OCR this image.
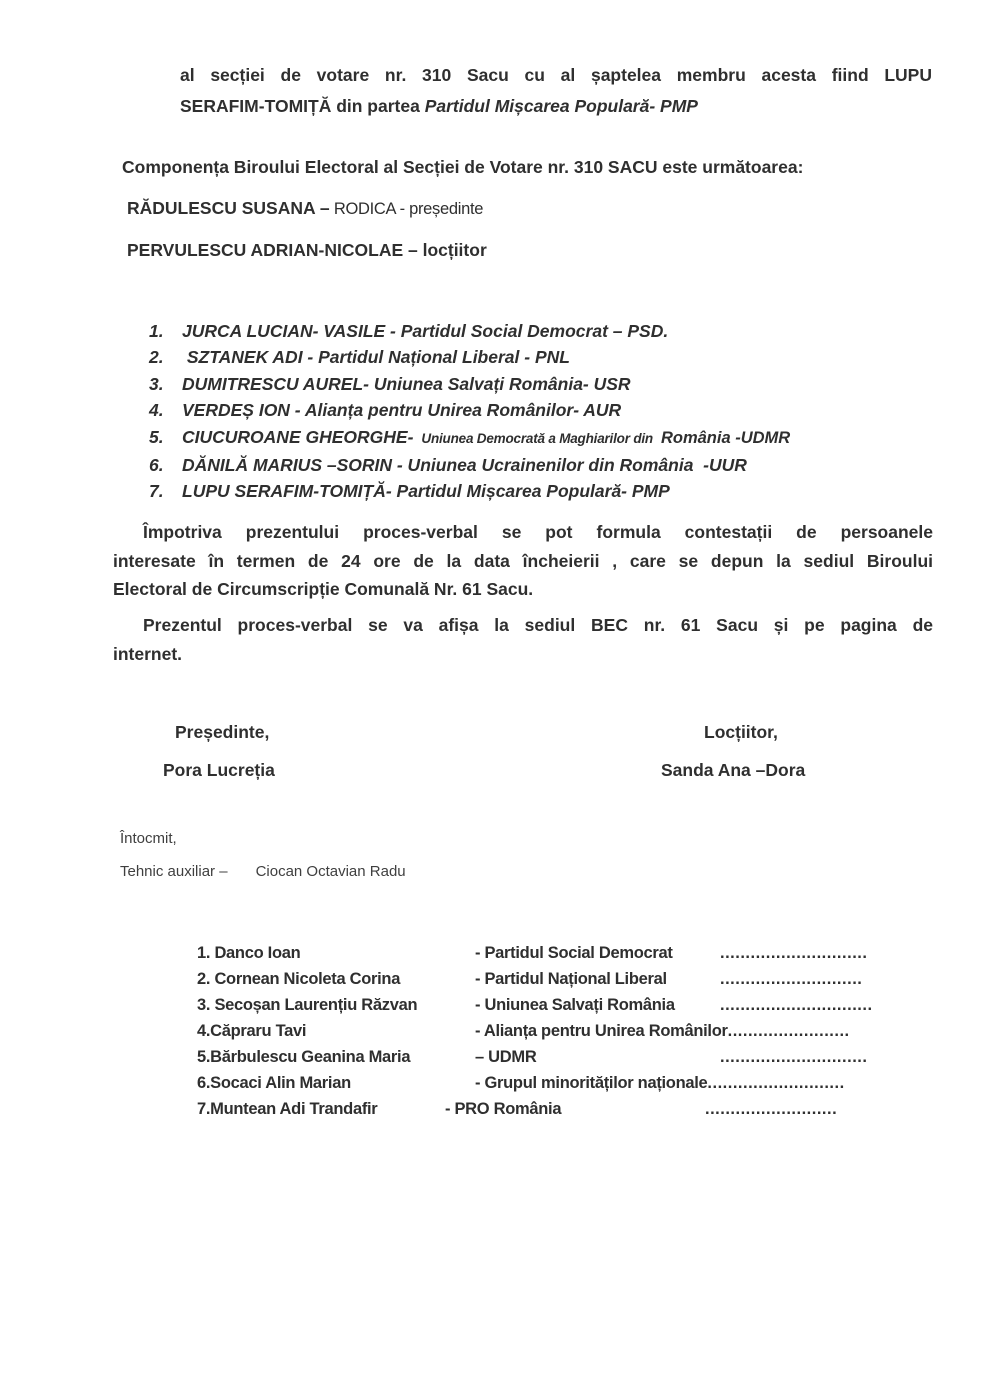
al secției de votare nr. 310 Sacu cu al șaptelea membru acesta fiind LUPU
SERAFIM-TOMIȚĂ din partea Partidul Mișcarea Populară- PMP
Componența Biroului Electoral al Secției de Votare nr. 310 SACU este următoarea:
RĂDULESCU SUSANA – RODICA - președinte
PERVULESCU ADRIAN-NICOLAE – locțiitor
1. JURCA LUCIAN- VASILE - Partidul Social Democrat – PSD.
2. SZTANEK ADI - Partidul Național Liberal - PNL
3. DUMITRESCU AUREL- Uniunea Salvați România- USR
4. VERDEȘ ION - Alianța pentru Unirea Românilor- AUR
5. CIUCUROANE GHEORGHE- Uniunea Democrată a Maghiarilor din România -UDMR
6. DĂNILĂ MARIUS –SORIN - Uniunea Ucrainenilor din România  -UUR
7. LUPU SERAFIM-TOMIȚĂ- Partidul Mișcarea Populară- PMP
Împotriva prezentului proces-verbal se pot formula contestații de persoanele
interesate în termen de 24 ore de la data încheierii , care se depun la sediul Biroului
Electoral de Circumscripție Comunală Nr. 61 Sacu.
Prezentul proces-verbal se va afișa la sediul BEC nr. 61 Sacu și pe pagina de
internet.
Președinte,
Pora Lucreția
Locțiitor,
Sanda Ana –Dora
Întocmit,
Tehnic auxiliar – Ciocan Octavian Radu
1. Danco Ioan	- Partidul Social Democrat	.............................
2. Cornean Nicoleta Corina	- Partidul Național Liberal	............................
3. Secoșan Laurențiu Răzvan	- Uniunea Salvați România	..............................
4.Căpraru Tavi	- Alianța pentru Unirea Românilor ........................
5.Bărbulescu Geanina Maria	– UDMR	.............................
6.Socaci Alin Marian	- Grupul minorităților naționale ...........................
7.Muntean Adi Trandafir	- PRO România	..........................
